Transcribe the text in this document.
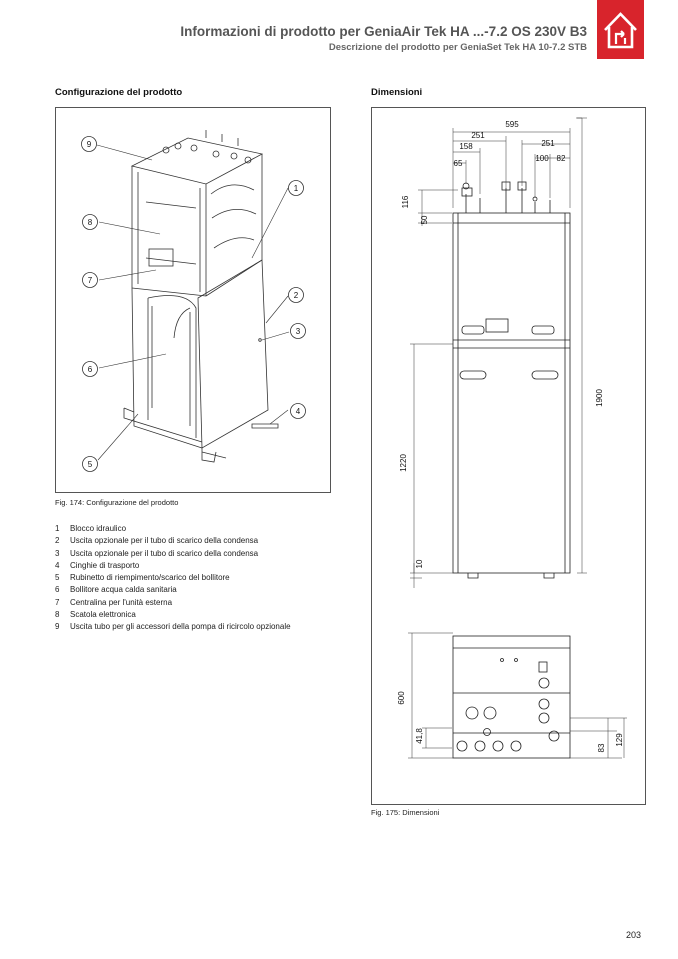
Informazioni di prodotto per GeniaAir Tek HA ...-7.2 OS 230V B3
Descrizione del prodotto per GeniaSet Tek HA 10-7.2 STB
Configurazione del prodotto
9
1
8
7
2
3
6
4
5
Fig. 174: Configurazione del prodotto
1	Blocco idraulico
2	Uscita opzionale per il tubo di scarico della condensa
3	Uscita opzionale per il tubo di scarico della condensa
4	Cinghie di trasporto
5	Rubinetto di riempimento/scarico del bollitore
6	Bollitore acqua calda sanitaria
7	Centralina per l'unità esterna
8	Scatola elettronica
9	Uscita tubo per gli accessori della pompa di ricircolo opzionale
Dimensioni
595
251
158
65
251
100 82
116
50
1900
1220
10
600
41,8
83
129
Fig. 175: Dimensioni
203
